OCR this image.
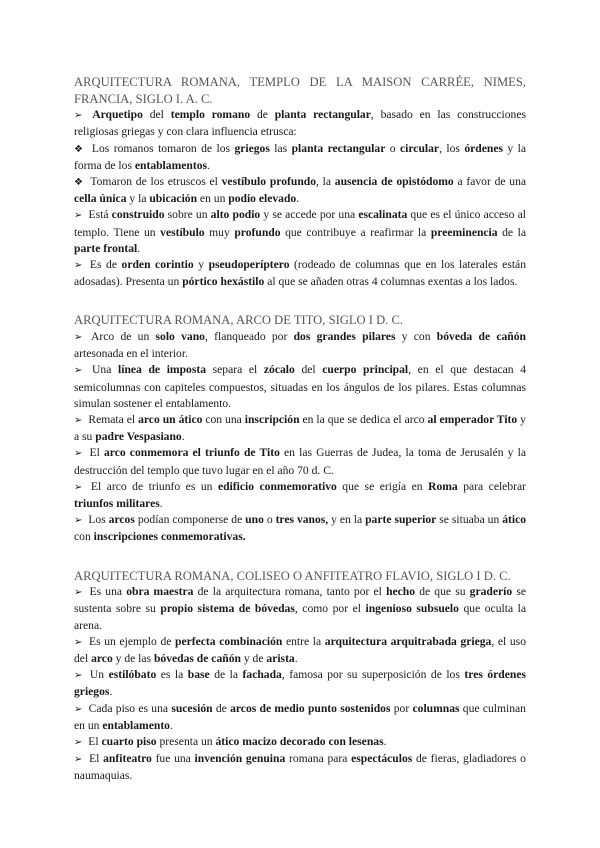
ARQUITECTURA ROMANA, TEMPLO DE LA MAISON CARRÉE, NIMES, FRANCIA, SIGLO I. A. C.

➢ Arquetipo del templo romano de planta rectangular, basado en las construcciones religiosas griegas y con clara influencia etrusca:

❖ Los romanos tomaron de los griegos las planta rectangular o circular, los órdenes y la forma de los entablamentos.

❖ Tomaron de los etruscos el vestíbulo profundo, la ausencia de opistódomo a favor de una cella única y la ubicación en un podio elevado.

➢ Está construido sobre un alto podio y se accede por una escalinata que es el único acceso al templo. Tiene un vestíbulo muy profundo que contribuye a reafirmar la preeminencia de la parte frontal.

➢ Es de orden corintio y pseudoperíptero (rodeado de columnas que en los laterales están adosadas). Presenta un pórtico hexástilo al que se añaden otras 4 columnas exentas a los lados.

ARQUITECTURA ROMANA, ARCO DE TITO, SIGLO I D. C.

➢ Arco de un solo vano, flanqueado por dos grandes pilares y con bóveda de cañón artesonada en el interior.

➢ Una línea de imposta separa el zócalo del cuerpo principal, en el que destacan 4 semicolumnas con capiteles compuestos, situadas en los ángulos de los pilares. Estas columnas simulan sostener el entablamento.

➢ Remata el arco un ático con una inscripción en la que se dedica el arco al emperador Tito y a su padre Vespasiano.

➢ El arco conmemora el triunfo de Tito en las Guerras de Judea, la toma de Jerusalén y la destrucción del templo que tuvo lugar en el año 70 d. C.

➢ El arco de triunfo es un edificio conmemorativo que se erigía en Roma para celebrar triunfos militares.

➢ Los arcos podían componerse de uno o tres vanos, y en la parte superior se situaba un ático con inscripciones conmemorativas.

ARQUITECTURA ROMANA, COLISEO O ANFITEATRO FLAVIO, SIGLO I D. C.

➢ Es una obra maestra de la arquitectura romana, tanto por el hecho de que su graderío se sustenta sobre su propio sistema de bóvedas, como por el ingenioso subsuelo que oculta la arena.

➢ Es un ejemplo de perfecta combinación entre la arquitectura arquitrabada griega, el uso del arco y de las bóvedas de cañón y de arista.

➢ Un estilóbato es la base de la fachada, famosa por su superposición de los tres órdenes griegos.

➢ Cada piso es una sucesión de arcos de medio punto sostenidos por columnas que culminan en un entablamento.

➢ El cuarto piso presenta un ático macizo decorado con lesenas.

➢ El anfiteatro fue una invención genuina romana para espectáculos de fieras, gladiadores o naumaquias.
